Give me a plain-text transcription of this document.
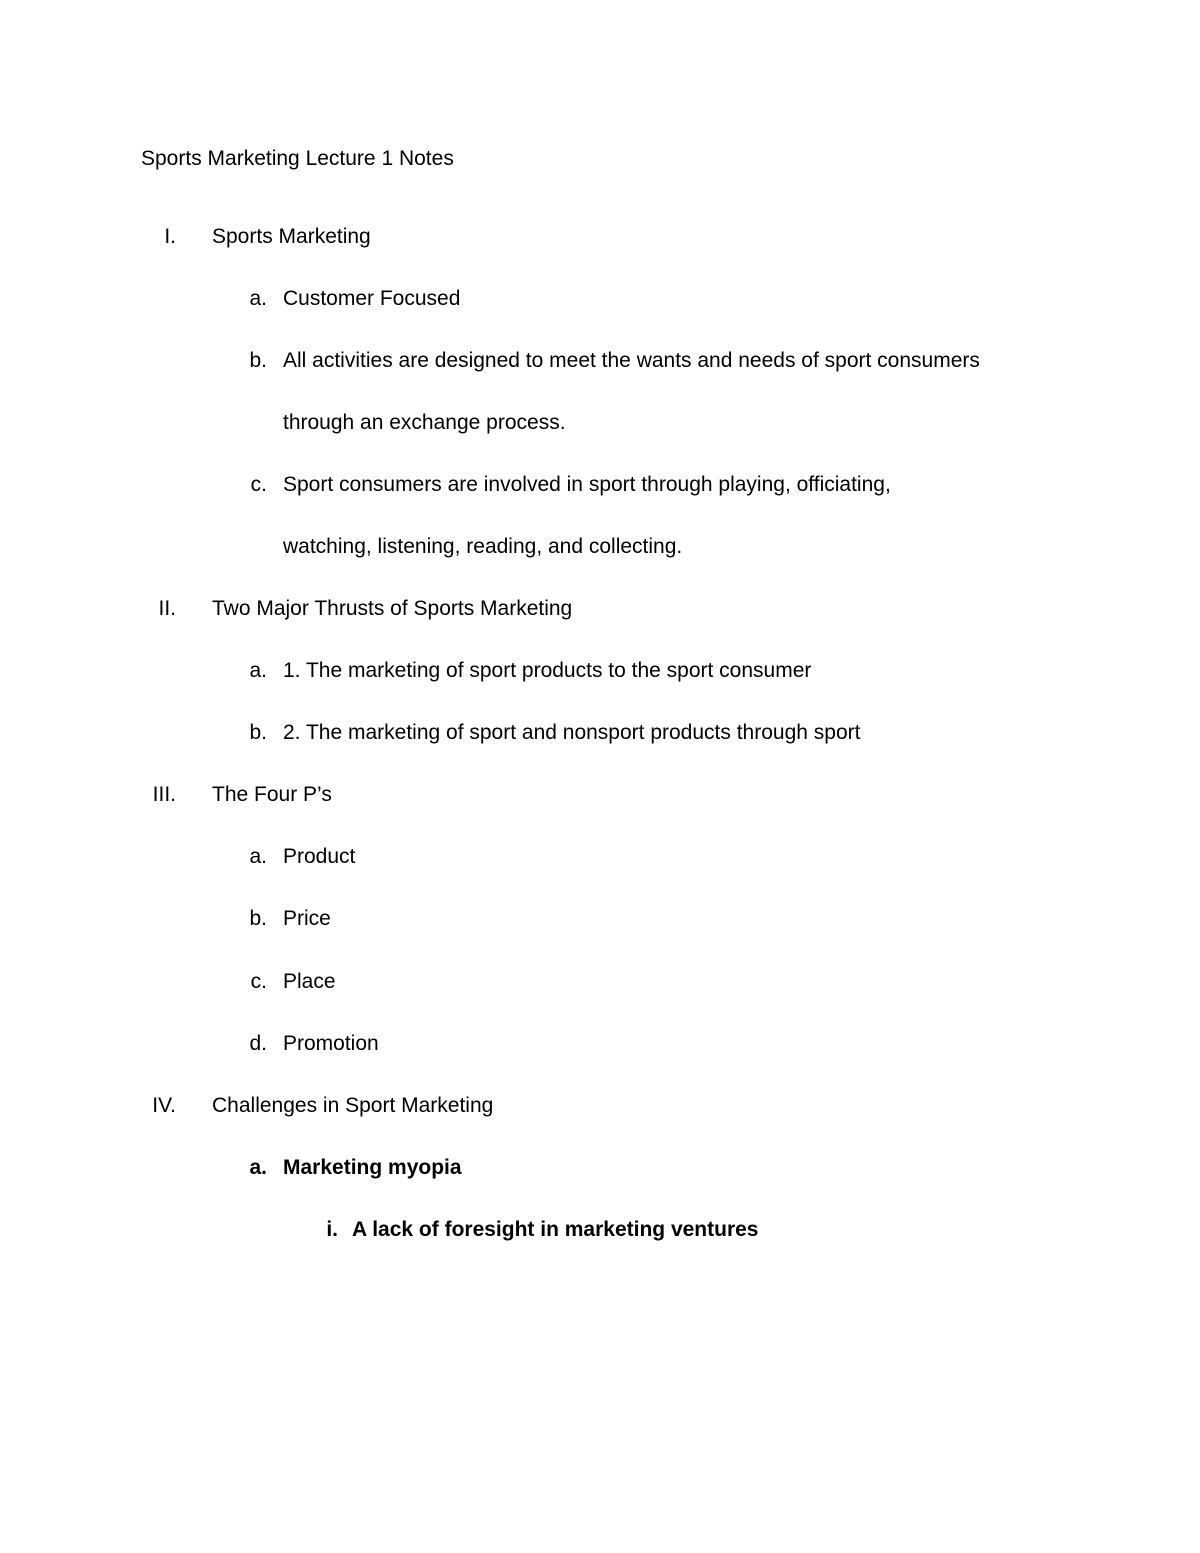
Sports Marketing Lecture 1 Notes
I. Sports Marketing
a. Customer Focused
b. All activities are designed to meet the wants and needs of sport consumers
through an exchange process.
c. Sport consumers are involved in sport through playing, officiating,
watching, listening, reading, and collecting.
II. Two Major Thrusts of Sports Marketing
a. 1. The marketing of sport products to the sport consumer
b. 2. The marketing of sport and nonsport products through sport
III. The Four P’s
a. Product
b. Price
c. Place
d. Promotion
IV. Challenges in Sport Marketing
a. Marketing myopia
i. A lack of foresight in marketing ventures
